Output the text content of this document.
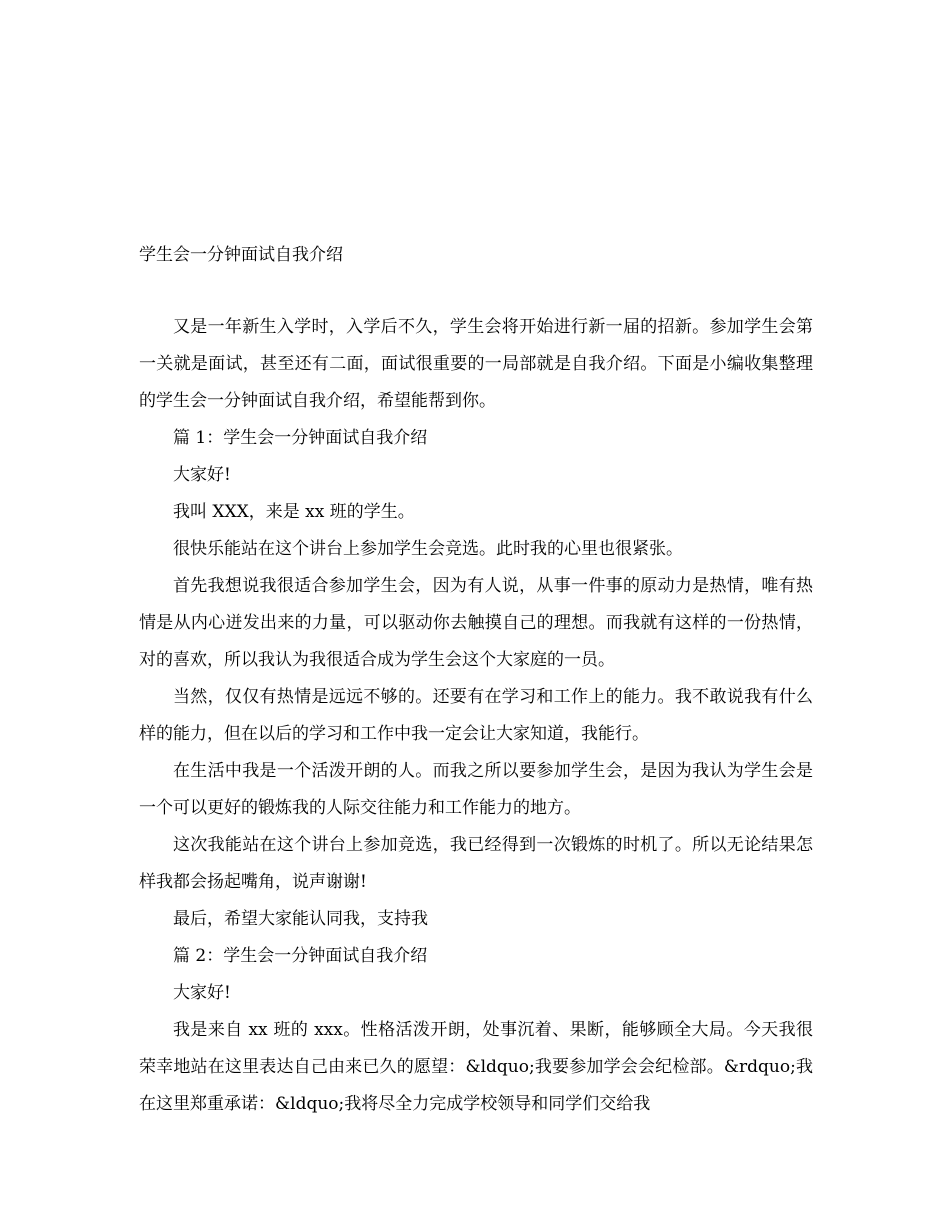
学生会一分钟面试自我介绍

又是一年新生入学时，入学后不久，学生会将开始进行新一届的招新。参加学生会第一关就是面试，甚至还有二面，面试很重要的一局部就是自我介绍。下面是小编收集整理的学生会一分钟面试自我介绍，希望能帮到你。

篇 1：学生会一分钟面试自我介绍

大家好!

我叫 XXX，来是 xx 班的学生。

很快乐能站在这个讲台上参加学生会竞选。此时我的心里也很紧张。

首先我想说我很适合参加学生会，因为有人说，从事一件事的原动力是热情，唯有热情是从内心迸发出来的力量，可以驱动你去触摸自己的理想。而我就有这样的一份热情，对的喜欢，所以我认为我很适合成为学生会这个大家庭的一员。

当然，仅仅有热情是远远不够的。还要有在学习和工作上的能力。我不敢说我有什么样的能力，但在以后的学习和工作中我一定会让大家知道，我能行。

在生活中我是一个活泼开朗的人。而我之所以要参加学生会，是因为我认为学生会是一个可以更好的锻炼我的人际交往能力和工作能力的地方。

这次我能站在这个讲台上参加竞选，我已经得到一次锻炼的时机了。所以无论结果怎样我都会扬起嘴角，说声谢谢!

最后，希望大家能认同我，支持我

篇 2：学生会一分钟面试自我介绍

大家好!

我是来自 xx 班的 xxx。性格活泼开朗，处事沉着、果断，能够顾全大局。今天我很荣幸地站在这里表达自己由来已久的愿望：&ldquo;我要参加学会会纪检部。&rdquo;我在这里郑重承诺：&ldquo;我将尽全力完成学校领导和同学们交给我
